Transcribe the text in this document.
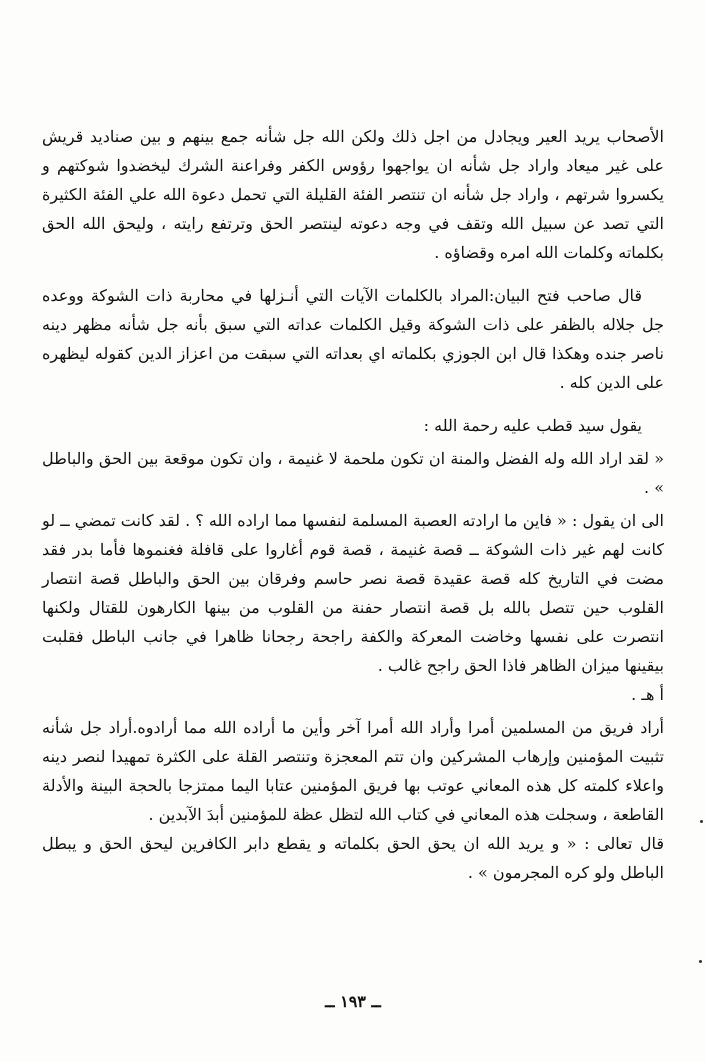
الأصحاب يريد العير ويجادل من اجل ذلك ولكن الله جل شأنه جمع بينهم و بين صناديد قريش على غير ميعاد واراد جل شأنه ان يواجهوا رؤوس الكفر وفراعنة الشرك ليخضدوا شوكتهم و يكسروا شرتهم ، واراد جل شأنه ان تنتصر الفئة القليلة التي تحمل دعوة الله علي الفئة الكثيرة التي تصد عن سبيل الله وتقف في وجه دعوته لينتصر الحق وترتفع رايته ، وليحق الله الحق بكلماته وكلمات الله امره وقضاؤه .

قال صاحب فتح البيان:المراد بالكلمات الآيات التي أنـزلها في محاربة ذات الشوكة ووعده جل جلاله بالظفر على ذات الشوكة وقيل الكلمات عداته التي سبق بأنه جل شأنه مظهر دينه ناصر جنده وهكذا قال ابن الجوزي بكلماته اي بعداته التي سبقت من اعزاز الدين كقوله ليظهره على الدين كله .

يقول سيد قطب عليه رحمة الله :

« لقد اراد الله وله الفضل والمنة ان تكون ملحمة لا غنيمة ، وان تكون موقعة بين الحق والباطل » .

الى ان يقول : « فاين ما ارادته العصبة المسلمة لنفسها مما اراده الله ؟ . لقد كانت تمضي ــ لو كانت لهم غير ذات الشوكة ــ قصة غنيمة ، قصة قوم أغاروا على قافلة فغنموها فأما بدر فقد مضت في التاريخ كله قصة عقيدة قصة نصر حاسم وفرقان بين الحق والباطل قصة انتصار القلوب حين تتصل بالله بل قصة انتصار حفنة من القلوب من بينها الكارهون للقتال ولكنها انتصرت على نفسها وخاضت المعركة والكفة راجحة رجحانا ظاهرا في جانب الباطل فقلبت بيقينها ميزان الظاهر فاذا الحق راجح غالب .

أ هـ .

أراد فريق من المسلمين أمرا وأراد الله أمرا آخر وأين ما أراده الله مما أرادوه.أراد جل شأنه تثبيت المؤمنين وإرهاب المشركين وان تتم المعجزة وتنتصر القلة على الكثرة تمهيدا لنصر دينه واعلاء كلمته كل هذه المعاني عوتب بها فريق المؤمنين عتابا اليما ممتزجا بالحجة البينة والأدلة القاطعة ، وسجلت هذه المعاني في كتاب الله لتظل عظة للمؤمنين أبدَ الآبدين .

قال تعالى : « و يريد الله ان يحق الحق بكلماته و يقطع دابر الكافرين ليحق الحق و يبطل الباطل ولو كره المجرمون » .

ــ ١٩٣ ــ
